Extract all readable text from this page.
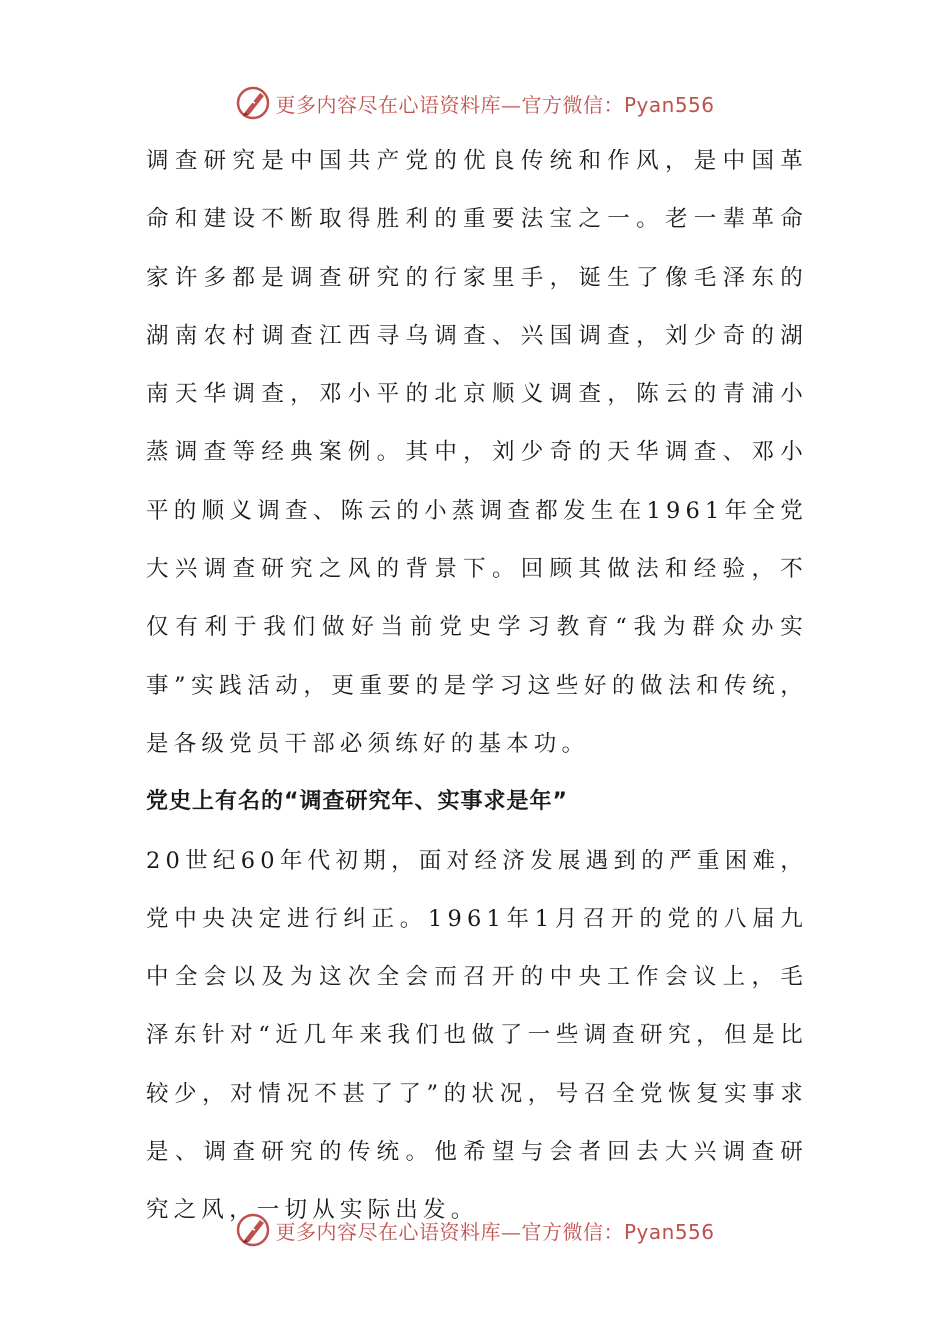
更多内容尽在心语资料库—官方微信：Pyan556

调查研究是中国共产党的优良传统和作风，是中国革命和建设不断取得胜利的重要法宝之一。老一辈革命家许多都是调查研究的行家里手，诞生了像毛泽东的湖南农村调查江西寻乌调查、兴国调查，刘少奇的湖南天华调查，邓小平的北京顺义调查，陈云的青浦小蒸调查等经典案例。其中，刘少奇的天华调查、邓小平的顺义调查、陈云的小蒸调查都发生在1961年全党大兴调查研究之风的背景下。回顾其做法和经验，不仅有利于我们做好当前党史学习教育“我为群众办实事”实践活动，更重要的是学习这些好的做法和传统，是各级党员干部必须练好的基本功。

党史上有名的“调查研究年、实事求是年”

20世纪60年代初期，面对经济发展遇到的严重困难，党中央决定进行纠正。1961年1月召开的党的八届九中全会以及为这次全会而召开的中央工作会议上，毛泽东针对“近几年来我们也做了一些调查研究，但是比较少，对情况不甚了了”的状况，号召全党恢复实事求是、调查研究的传统。他希望与会者回去大兴调查研究之风，一切从实际出发。

更多内容尽在心语资料库—官方微信：Pyan556
